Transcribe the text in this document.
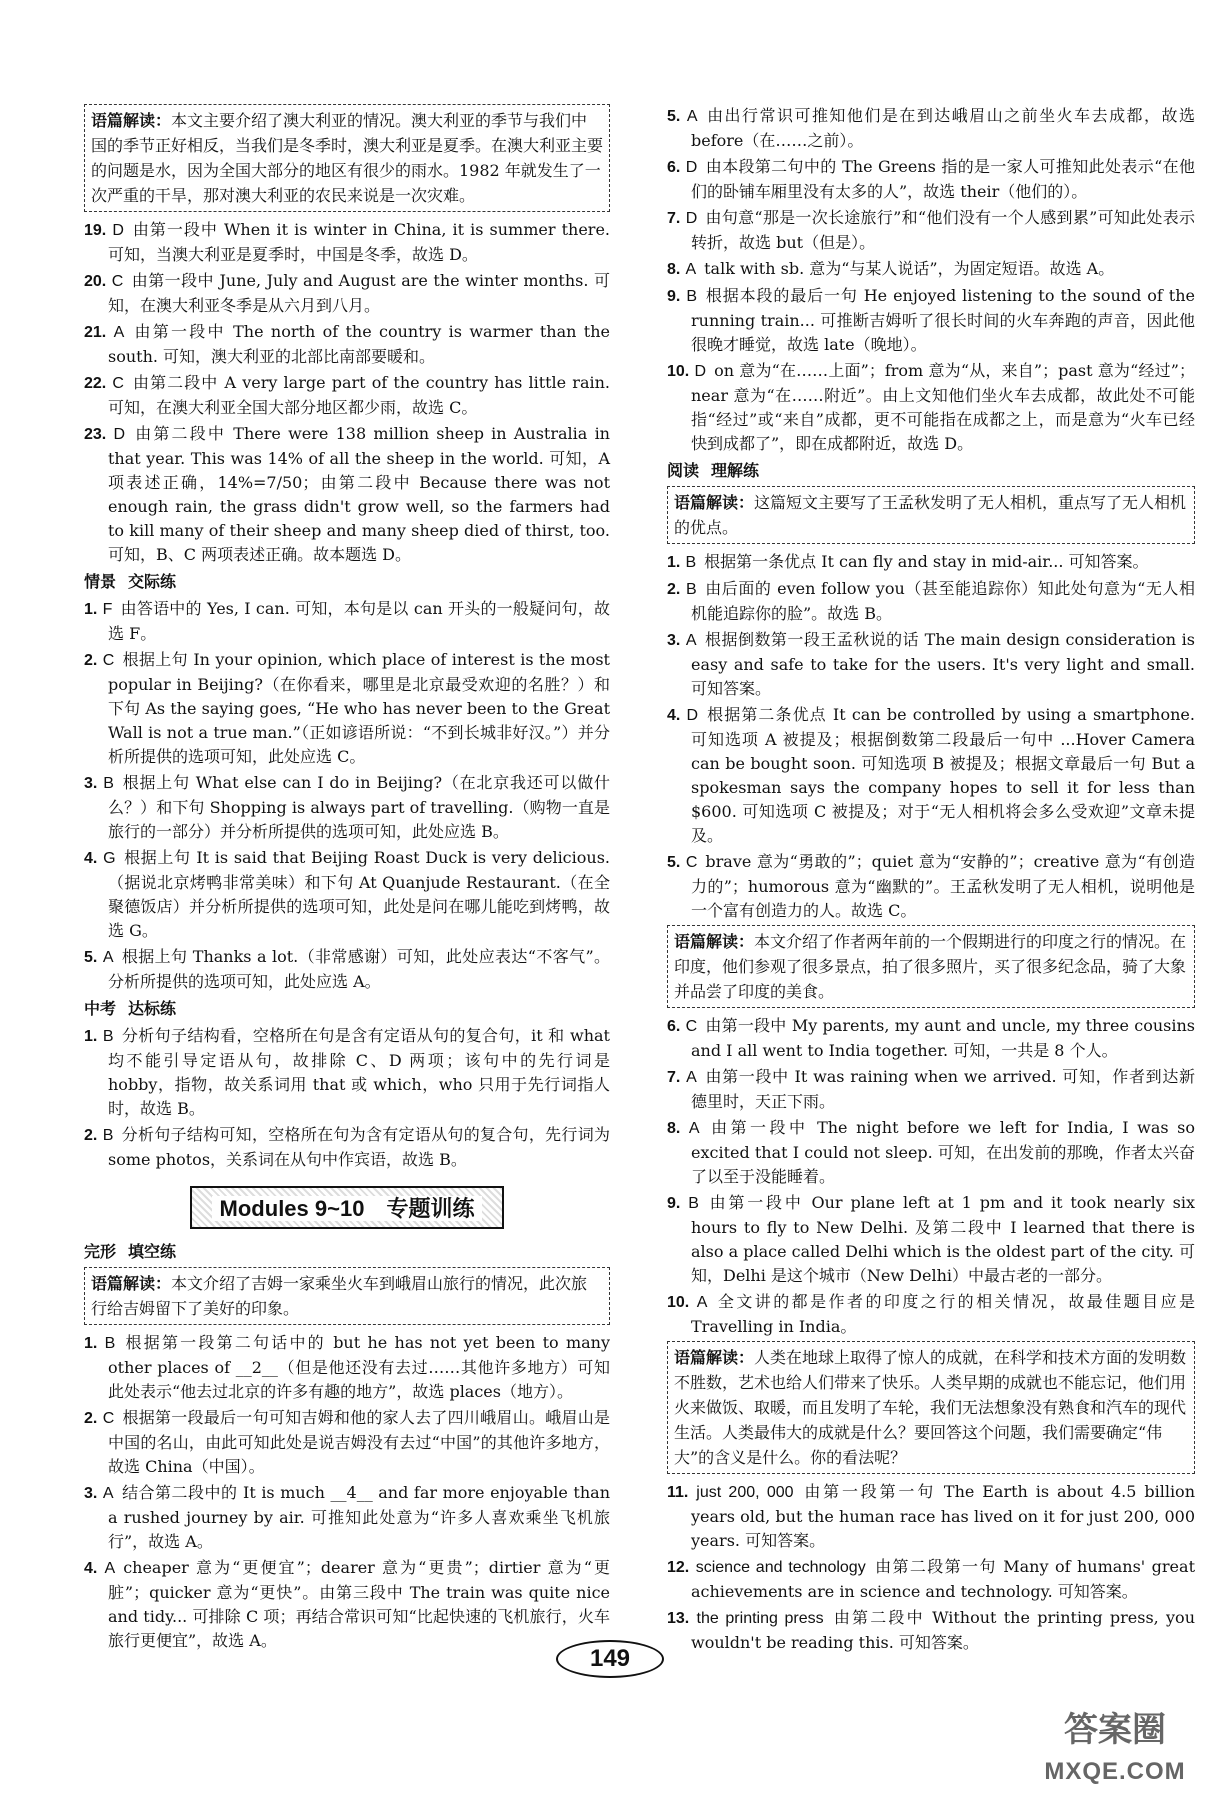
语篇解读：本文主要介绍了澳大利亚的情况。澳大利亚的季节与我们中国的季节正好相反，当我们是冬季时，澳大利亚是夏季。在澳大利亚主要的问题是水，因为全国大部分的地区有很少的雨水。1982 年就发生了一次严重的干旱，那对澳大利亚的农民来说是一次灾难。
19. D 由第一段中 When it is winter in China, it is summer there. 可知，当澳大利亚是夏季时，中国是冬季，故选 D。
20. C 由第一段中 June, July and August are the winter months. 可知，在澳大利亚冬季是从六月到八月。
21. A 由第一段中 The north of the country is warmer than the south. 可知，澳大利亚的北部比南部要暖和。
22. C 由第二段中 A very large part of the country has little rain. 可知，在澳大利亚全国大部分地区都少雨，故选 C。
23. D 由第二段中 There were 138 million sheep in Australia in that year. This was 14% of all the sheep in the world. 可知，A 项表述正确，14%=7/50；由第二段中 Because there was not enough rain, the grass didn't grow well, so the farmers had to kill many of their sheep and many sheep died of thirst, too. 可知，B、C 两项表述正确。故本题选 D。
情景 交际练
1. F 由答语中的 Yes, I can. 可知，本句是以 can 开头的一般疑问句，故选 F。
2. C 根据上句 In your opinion, which place of interest is the most popular in Beijing?（在你看来，哪里是北京最受欢迎的名胜？）和下句 As the saying goes, “He who has never been to the Great Wall is not a true man.”（正如谚语所说：“不到长城非好汉。”）并分析所提供的选项可知，此处应选 C。
3. B 根据上句 What else can I do in Beijing?（在北京我还可以做什么？）和下句 Shopping is always part of travelling.（购物一直是旅行的一部分）并分析所提供的选项可知，此处应选 B。
4. G 根据上句 It is said that Beijing Roast Duck is very delicious.（据说北京烤鸭非常美味）和下句 At Quanjude Restaurant.（在全聚德饭店）并分析所提供的选项可知，此处是问在哪儿能吃到烤鸭，故选 G。
5. A 根据上句 Thanks a lot.（非常感谢）可知，此处应表达“不客气”。分析所提供的选项可知，此处应选 A。
中考 达标练
1. B 分析句子结构看，空格所在句是含有定语从句的复合句，it 和 what 均不能引导定语从句，故排除 C、D 两项；该句中的先行词是 hobby，指物，故关系词用 that 或 which，who 只用于先行词指人时，故选 B。
2. B 分析句子结构可知，空格所在句为含有定语从句的复合句，先行词为 some photos，关系词在从句中作宾语，故选 B。
Modules 9~10　专题训练
完形 填空练
语篇解读：本文介绍了吉姆一家乘坐火车到峨眉山旅行的情况，此次旅行给吉姆留下了美好的印象。
1. B 根据第一段第二句话中的 but he has not yet been to many other places of __2__（但是他还没有去过……其他许多地方）可知此处表示“他去过北京的许多有趣的地方”，故选 places（地方）。
2. C 根据第一段最后一句可知吉姆和他的家人去了四川峨眉山。峨眉山是中国的名山，由此可知此处是说吉姆没有去过“中国”的其他许多地方，故选 China（中国）。
3. A 结合第二段中的 It is much __4__ and far more enjoyable than a rushed journey by air. 可推知此处意为“许多人喜欢乘坐飞机旅行”，故选 A。
4. A cheaper 意为“更便宜”；dearer 意为“更贵”；dirtier 意为“更脏”；quicker 意为“更快”。由第三段中 The train was quite nice and tidy... 可排除 C 项；再结合常识可知“比起快速的飞机旅行，火车旅行更便宜”，故选 A。
5. A 由出行常识可推知他们是在到达峨眉山之前坐火车去成都，故选 before（在……之前）。
6. D 由本段第二句中的 The Greens 指的是一家人可推知此处表示“在他们的卧铺车厢里没有太多的人”，故选 their（他们的）。
7. D 由句意“那是一次长途旅行”和“他们没有一个人感到累”可知此处表示转折，故选 but（但是）。
8. A talk with sb. 意为“与某人说话”，为固定短语。故选 A。
9. B 根据本段的最后一句 He enjoyed listening to the sound of the running train... 可推断吉姆听了很长时间的火车奔跑的声音，因此他很晚才睡觉，故选 late（晚地）。
10. D on 意为“在……上面”；from 意为“从，来自”；past 意为“经过”；near 意为“在……附近”。由上文知他们坐火车去成都，故此处不可能指“经过”或“来自”成都，更不可能指在成都之上，而是意为“火车已经快到成都了”，即在成都附近，故选 D。
阅读 理解练
语篇解读：这篇短文主要写了王孟秋发明了无人相机，重点写了无人相机的优点。
1. B 根据第一条优点 It can fly and stay in mid-air... 可知答案。
2. B 由后面的 even follow you（甚至能追踪你）知此处句意为“无人相机能追踪你的脸”。故选 B。
3. A 根据倒数第一段王孟秋说的话 The main design consideration is easy and safe to take for the users. It's very light and small. 可知答案。
4. D 根据第二条优点 It can be controlled by using a smartphone. 可知选项 A 被提及；根据倒数第二段最后一句中 ...Hover Camera can be bought soon. 可知选项 B 被提及；根据文章最后一句 But a spokesman says the company hopes to sell it for less than $600. 可知选项 C 被提及；对于“无人相机将会多么受欢迎”文章未提及。
5. C brave 意为“勇敢的”；quiet 意为“安静的”；creative 意为“有创造力的”；humorous 意为“幽默的”。王孟秋发明了无人相机，说明他是一个富有创造力的人。故选 C。
语篇解读：本文介绍了作者两年前的一个假期进行的印度之行的情况。在印度，他们参观了很多景点，拍了很多照片，买了很多纪念品，骑了大象并品尝了印度的美食。
6. C 由第一段中 My parents, my aunt and uncle, my three cousins and I all went to India together. 可知，一共是 8 个人。
7. A 由第一段中 It was raining when we arrived. 可知，作者到达新德里时，天正下雨。
8. A 由第一段中 The night before we left for India, I was so excited that I could not sleep. 可知，在出发前的那晚，作者太兴奋了以至于没能睡着。
9. B 由第一段中 Our plane left at 1 pm and it took nearly six hours to fly to New Delhi. 及第二段中 I learned that there is also a place called Delhi which is the oldest part of the city. 可知，Delhi 是这个城市（New Delhi）中最古老的一部分。
10. A 全文讲的都是作者的印度之行的相关情况，故最佳题目应是 Travelling in India。
语篇解读：人类在地球上取得了惊人的成就，在科学和技术方面的发明数不胜数，艺术也给人们带来了快乐。人类早期的成就也不能忘记，他们用火来做饭、取暖，而且发明了车轮，我们无法想象没有熟食和汽车的现代生活。人类最伟大的成就是什么？要回答这个问题，我们需要确定“伟大”的含义是什么。你的看法呢？
11. just 200, 000 由第一段第一句 The Earth is about 4.5 billion years old, but the human race has lived on it for just 200, 000 years. 可知答案。
12. science and technology 由第二段第一句 Many of humans' great achievements are in science and technology. 可知答案。
13. the printing press 由第二段中 Without the printing press, you wouldn't be reading this. 可知答案。
149
答案圈
MXQE.COM
